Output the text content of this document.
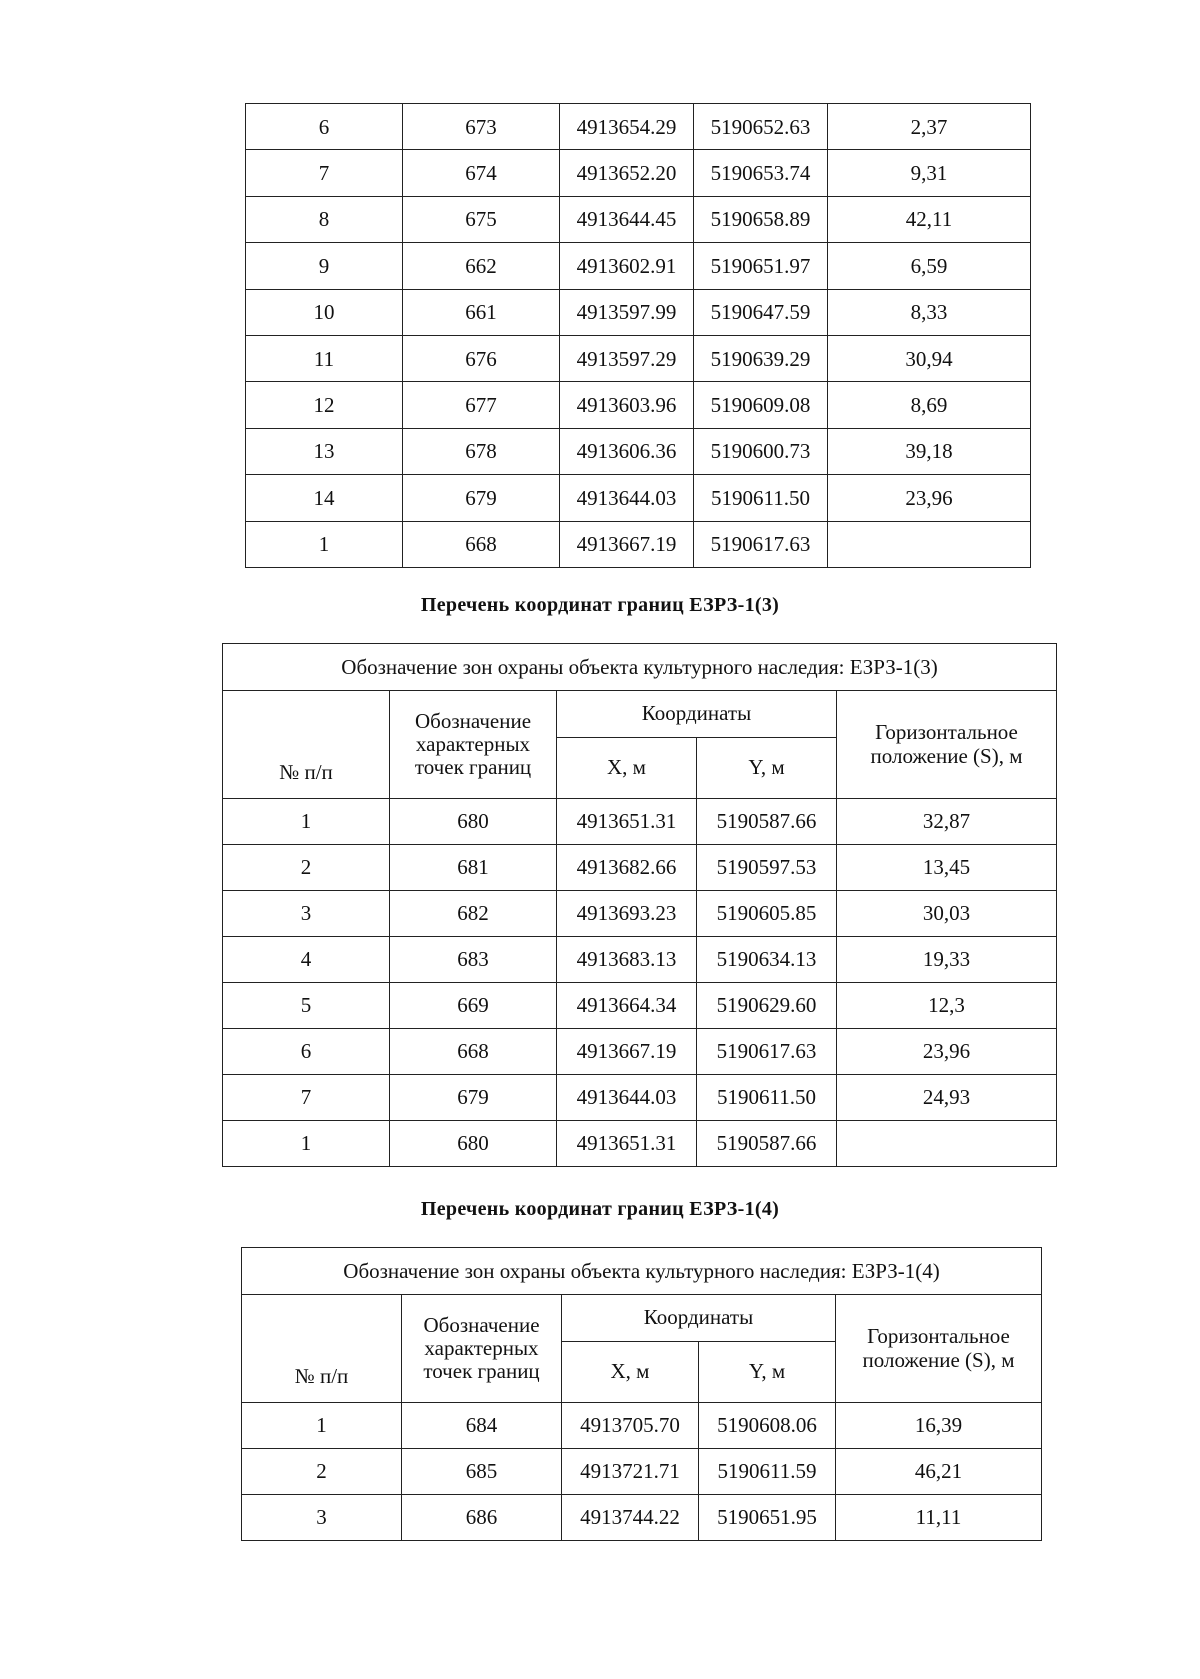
6	673	4913654.29	5190652.63	2,37
7	674	4913652.20	5190653.74	9,31
8	675	4913644.45	5190658.89	42,11
9	662	4913602.91	5190651.97	6,59
10	661	4913597.99	5190647.59	8,33
11	676	4913597.29	5190639.29	30,94
12	677	4913603.96	5190609.08	8,69
13	678	4913606.36	5190600.73	39,18
14	679	4913644.03	5190611.50	23,96
1	668	4913667.19	5190617.63	
Перечень координат границ ЕЗРЗ-1(3)
Обозначение зон охраны объекта культурного наследия: ЕЗРЗ-1(3)				
№ п/п	Обозначение характерных точек границ	Координаты		Горизонтальное положение (S), м
		X, м	Y, м	
1	680	4913651.31	5190587.66	32,87
2	681	4913682.66	5190597.53	13,45
3	682	4913693.23	5190605.85	30,03
4	683	4913683.13	5190634.13	19,33
5	669	4913664.34	5190629.60	12,3
6	668	4913667.19	5190617.63	23,96
7	679	4913644.03	5190611.50	24,93
1	680	4913651.31	5190587.66	
Перечень координат границ ЕЗРЗ-1(4)
Обозначение зон охраны объекта культурного наследия: ЕЗРЗ-1(4)				
№ п/п	Обозначение характерных точек границ	Координаты		Горизонтальное положение (S), м
		X, м	Y, м	
1	684	4913705.70	5190608.06	16,39
2	685	4913721.71	5190611.59	46,21
3	686	4913744.22	5190651.95	11,11
